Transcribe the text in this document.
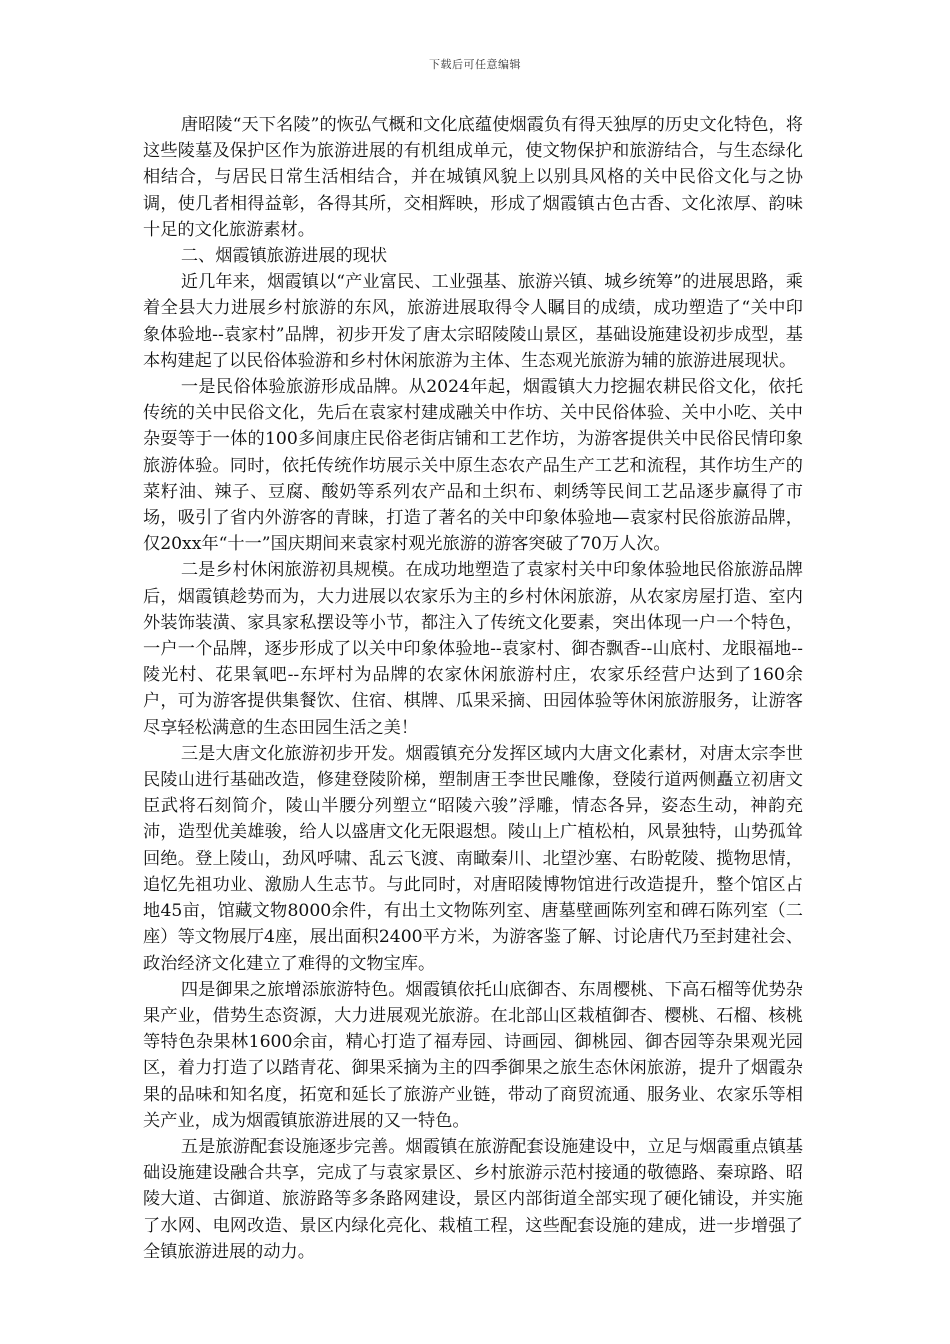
下载后可任意编辑

唐昭陵“天下名陵”的恢弘气概和文化底蕴使烟霞负有得天独厚的历史文化特色，将这些陵墓及保护区作为旅游进展的有机组成单元，使文物保护和旅游结合，与生态绿化相结合，与居民日常生活相结合，并在城镇风貌上以别具风格的关中民俗文化与之协调，使几者相得益彰，各得其所，交相辉映，形成了烟霞镇古色古香、文化浓厚、韵味十足的文化旅游素材。

二、烟霞镇旅游进展的现状

近几年来，烟霞镇以“产业富民、工业强基、旅游兴镇、城乡统筹”的进展思路，乘着全县大力进展乡村旅游的东风，旅游进展取得令人瞩目的成绩，成功塑造了“关中印象体验地--袁家村”品牌，初步开发了唐太宗昭陵陵山景区，基础设施建设初步成型，基本构建起了以民俗体验游和乡村休闲旅游为主体、生态观光旅游为辅的旅游进展现状。

一是民俗体验旅游形成品牌。从2024年起，烟霞镇大力挖掘农耕民俗文化，依托传统的关中民俗文化，先后在袁家村建成融关中作坊、关中民俗体验、关中小吃、关中杂耍等于一体的100多间康庄民俗老街店铺和工艺作坊，为游客提供关中民俗民情印象旅游体验。同时，依托传统作坊展示关中原生态农产品生产工艺和流程，其作坊生产的菜籽油、辣子、豆腐、酸奶等系列农产品和土织布、刺绣等民间工艺品逐步赢得了市场，吸引了省内外游客的青睐，打造了著名的关中印象体验地—袁家村民俗旅游品牌，仅20xx年“十一”国庆期间来袁家村观光旅游的游客突破了70万人次。

二是乡村休闲旅游初具规模。在成功地塑造了袁家村关中印象体验地民俗旅游品牌后，烟霞镇趁势而为，大力进展以农家乐为主的乡村休闲旅游，从农家房屋打造、室内外装饰装潢、家具家私摆设等小节，都注入了传统文化要素，突出体现一户一个特色，一户一个品牌，逐步形成了以关中印象体验地--袁家村、御杏飘香--山底村、龙眼福地--陵光村、花果氧吧--东坪村为品牌的农家休闲旅游村庄，农家乐经营户达到了160余户，可为游客提供集餐饮、住宿、棋牌、瓜果采摘、田园体验等休闲旅游服务，让游客尽享轻松满意的生态田园生活之美！

三是大唐文化旅游初步开发。烟霞镇充分发挥区域内大唐文化素材，对唐太宗李世民陵山进行基础改造，修建登陵阶梯，塑制唐王李世民雕像，登陵行道两侧矗立初唐文臣武将石刻简介，陵山半腰分列塑立“昭陵六骏”浮雕，情态各异，姿态生动，神韵充沛，造型优美雄骏，给人以盛唐文化无限遐想。陵山上广植松柏，风景独特，山势孤耸回绝。登上陵山，劲风呼啸、乱云飞渡、南瞰秦川、北望沙塞、右盼乾陵、揽物思情，追忆先祖功业、激励人生志节。与此同时，对唐昭陵博物馆进行改造提升，整个馆区占地45亩，馆藏文物8000余件，有出土文物陈列室、唐墓壁画陈列室和碑石陈列室（二座）等文物展厅4座，展出面积2400平方米，为游客鉴了解、讨论唐代乃至封建社会、政治经济文化建立了难得的文物宝库。

四是御果之旅增添旅游特色。烟霞镇依托山底御杏、东周樱桃、下高石榴等优势杂果产业，借势生态资源，大力进展观光旅游。在北部山区栽植御杏、樱桃、石榴、核桃等特色杂果林1600余亩，精心打造了福寿园、诗画园、御桃园、御杏园等杂果观光园区，着力打造了以踏青花、御果采摘为主的四季御果之旅生态休闲旅游，提升了烟霞杂果的品味和知名度，拓宽和延长了旅游产业链，带动了商贸流通、服务业、农家乐等相关产业，成为烟霞镇旅游进展的又一特色。

五是旅游配套设施逐步完善。烟霞镇在旅游配套设施建设中，立足与烟霞重点镇基础设施建设融合共享，完成了与袁家景区、乡村旅游示范村接通的敬德路、秦琼路、昭陵大道、古御道、旅游路等多条路网建设，景区内部街道全部实现了硬化铺设，并实施了水网、电网改造、景区内绿化亮化、栽植工程，这些配套设施的建成，进一步增强了全镇旅游进展的动力。
